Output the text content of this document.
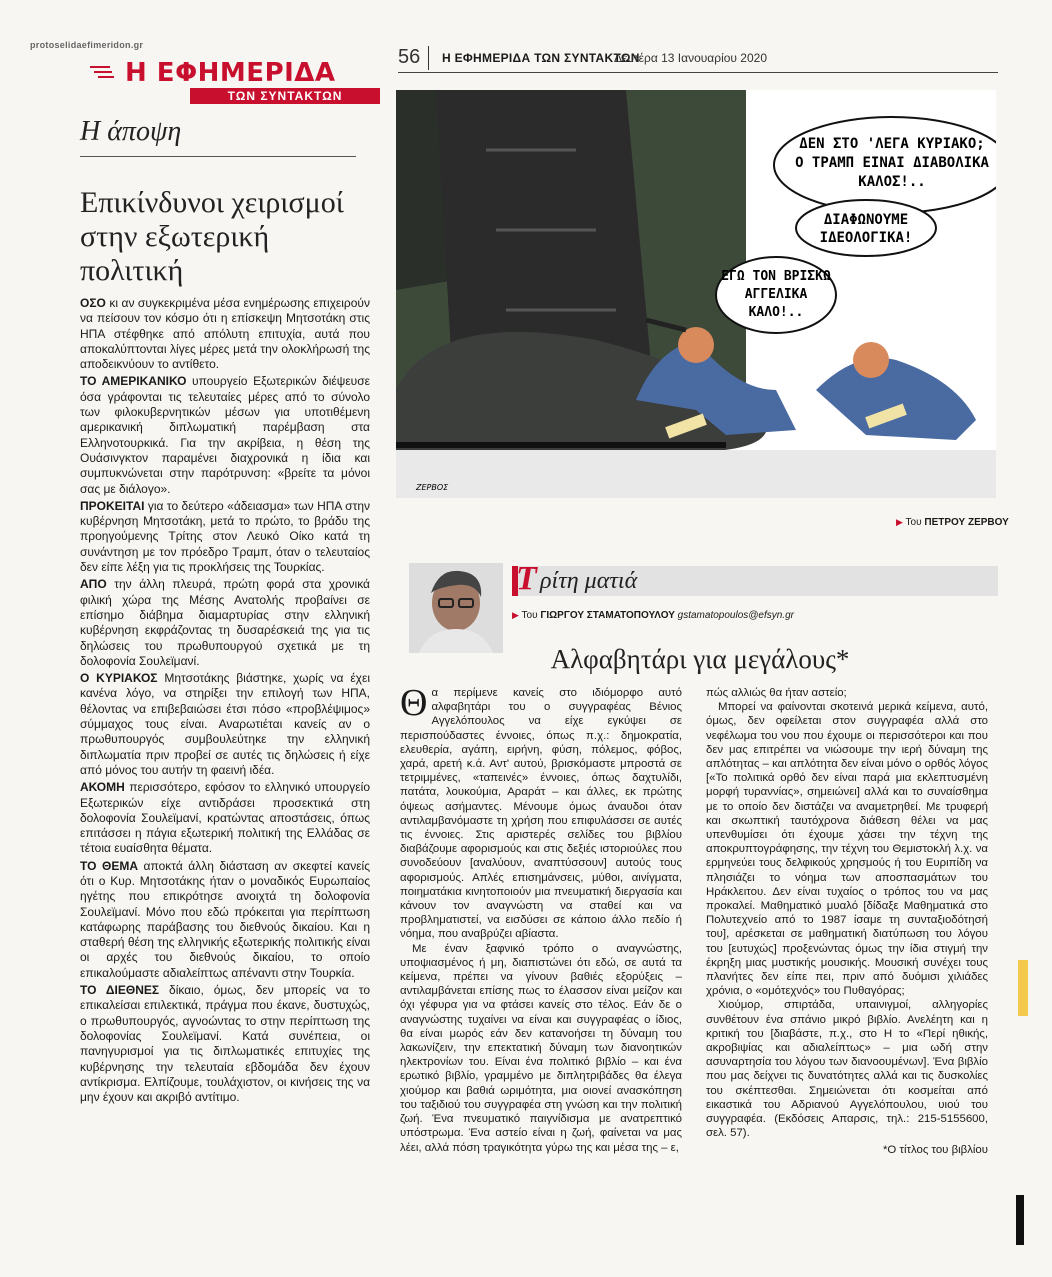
protoselidaefimeridon.gr
Η ΕΦΗΜΕΡΙΔΑ
ΤΩΝ ΣΥΝΤΑΚΤΩΝ
Η άποψη
Επικίνδυνοι χειρισμοί στην εξωτερική πολιτική

ΟΣΟ κι αν συγκεκριμένα μέσα ενημέρωσης επιχειρούν να πείσουν τον κόσμο ότι η επίσκεψη Μητσοτάκη στις ΗΠΑ στέφθηκε από απόλυτη επιτυχία, αυτά που αποκαλύπτονται λίγες μέρες μετά την ολοκλήρωσή της αποδεικνύουν το αντίθετο.

ΤΟ ΑΜΕΡΙΚΑΝΙΚΟ υπουργείο Εξωτερικών διέψευσε όσα γράφονται τις τελευταίες μέρες από το σύνολο των φιλοκυβερνητικών μέσων για υποτιθέμενη αμερικανική διπλωματική παρέμβαση στα Ελληνοτουρκικά. Για την ακρίβεια, η θέση της Ουάσινγκτον παραμένει διαχρονικά η ίδια και συμπυκνώνεται στην παρότρυνση: «βρείτε τα μόνοι σας με διάλογο».

ΠΡΟΚΕΙΤΑΙ για το δεύτερο «άδειασμα» των ΗΠΑ στην κυβέρνηση Μητσοτάκη, μετά το πρώτο, το βράδυ της προηγούμενης Τρίτης στον Λευκό Οίκο κατά τη συνάντηση με τον πρόεδρο Τραμπ, όταν ο τελευταίος δεν είπε λέξη για τις προκλήσεις της Τουρκίας.

ΑΠΟ την άλλη πλευρά, πρώτη φορά στα χρονικά φιλική χώρα της Μέσης Ανατολής προβαίνει σε επίσημο διάβημα διαμαρτυρίας στην ελληνική κυβέρνηση εκφράζοντας τη δυσαρέσκειά της για τις δηλώσεις του πρωθυπουργού σχετικά με τη δολοφονία Σουλεϊμανί.

Ο ΚΥΡΙΑΚΟΣ Μητσοτάκης βιάστηκε, χωρίς να έχει κανένα λόγο, να στηρίξει την επιλογή των ΗΠΑ, θέλοντας να επιβεβαιώσει έτσι πόσο «προβλέψιμος» σύμμαχος τους είναι. Αναρωτιέται κανείς αν ο πρωθυπουργός συμβουλεύτηκε την ελληνική διπλωματία πριν προβεί σε αυτές τις δηλώσεις ή είχε από μόνος του αυτήν τη φαεινή ιδέα.

ΑΚΟΜΗ περισσότερο, εφόσον το ελληνικό υπουργείο Εξωτερικών είχε αντιδράσει προσεκτικά στη δολοφονία Σουλεϊμανί, κρατώντας αποστάσεις, όπως επιτάσσει η πάγια εξωτερική πολιτική της Ελλάδας σε τέτοια ευαίσθητα θέματα.

ΤΟ ΘΕΜΑ αποκτά άλλη διάσταση αν σκεφτεί κανείς ότι ο Κυρ. Μητσοτάκης ήταν ο μοναδικός Ευρωπαίος ηγέτης που επικρότησε ανοιχτά τη δολοφονία Σουλεϊμανί. Μόνο που εδώ πρόκειται για περίπτωση κατάφωρης παράβασης του διεθνούς δικαίου. Και η σταθερή θέση της ελληνικής εξωτερικής πολιτικής είναι οι αρχές του διεθνούς δικαίου, το οποίο επικαλούμαστε αδιαλείπτως απέναντι στην Τουρκία.

ΤΟ ΔΙΕΘΝΕΣ δίκαιο, όμως, δεν μπορείς να το επικαλείσαι επιλεκτικά, πράγμα που έκανε, δυστυχώς, ο πρωθυπουργός, αγνοώντας το στην περίπτωση της δολοφονίας Σουλεϊμανί. Κατά συνέπεια, οι πανηγυρισμοί για τις διπλωματικές επιτυχίες της κυβέρνησης την τελευταία εβδομάδα δεν έχουν αντίκρισμα. Ελπίζουμε, τουλάχιστον, οι κινήσεις της να μην έχουν και ακριβό αντίτιμο.

56 Η ΕΦΗΜΕΡΙΔΑ ΤΩΝ ΣΥΝΤΑΚΤΩΝ
Δευτέρα 13 Ιανουαρίου 2020
ΔΕΝ ΣΤΟ 'ΛΕΓΑ ΚΥΡΙΑΚΟ;
Ο ΤΡΑΜΠ ΕΙΝΑΙ ΔΙΑΒΟΛΙΚΑ
ΚΑΛΟΣ!..
ΔΙΑΦΩΝΟΥΜΕ
ΙΔΕΟΛΟΓΙΚΑ!
ΕΓΩ ΤΟΝ ΒΡΙΣΚΩ
ΑΓΓΕΛΙΚΑ
ΚΑΛΟ!..
ΖΕΡΒΟΣ
▶ Του ΠΕΤΡΟΥ ΖΕΡΒΟΥ
Τ ρίτη ματιά
▶ Του ΓΙΩΡΓΟΥ ΣΤΑΜΑΤΟΠΟΥΛΟΥ gstamatopoulos@efsyn.gr
Αλφαβητάρι για μεγάλους*

Θα περίμενε κανείς στο ιδιόμορφο αυτό αλφαβητάρι του ο συγγραφέας Βένιος Αγγελόπουλος να είχε εγκύψει σε περισπούδαστες έννοιες, όπως π.χ.: δημοκρατία, ελευθερία, αγάπη, ειρήνη, φύση, πόλεμος, φόβος, χαρά, αρετή κ.ά. Αντ' αυτού, βρισκόμαστε μπροστά σε τετριμμένες, «ταπεινές» έννοιες, όπως δαχτυλίδι, πατάτα, λουκούμια, Αραράτ – και άλλες, εκ πρώτης όψεως ασήμαντες. Μένουμε όμως άναυδοι όταν αντιλαμβανόμαστε τη χρήση που επιφυλάσσει σε αυτές τις έννοιες. Στις αριστερές σελίδες του βιβλίου διαβάζουμε αφορισμούς και στις δεξιές ιστοριούλες που συνοδεύουν [αναλύουν, αναπτύσσουν] αυτούς τους αφορισμούς. Απλές επισημάνσεις, μύθοι, αινίγματα, ποιηματάκια κινητοποιούν μια πνευματική διεργασία και κάνουν τον αναγνώστη να σταθεί και να προβληματιστεί, να εισδύσει σε κάποιο άλλο πεδίο ή νόημα, που αναβρύζει αβίαστα.

Με έναν ξαφνικό τρόπο ο αναγνώστης, υποψιασμένος ή μη, διαπιστώνει ότι εδώ, σε αυτά τα κείμενα, πρέπει να γίνουν βαθιές εξορύξεις – αντιλαμβάνεται επίσης πως το έλασσον είναι μείζον και όχι γέφυρα για να φτάσει κανείς στο τέλος. Εάν δε ο αναγνώστης τυχαίνει να είναι και συγγραφέας ο ίδιος, θα είναι μωρός εάν δεν κατανοήσει τη δύναμη του λακωνίζειν, την επεκτατική δύναμη των διανοητικών ηλεκτρονίων του. Είναι ένα πολιτικό βιβλίο – και ένα ερωτικό βιβλίο, γραμμένο με διπλητριβάδες θα έλεγα χιούμορ και βαθιά ωριμότητα, μια οιονεί ανασκόπηση του ταξιδιού του συγγραφέα στη γνώση και την πολιτική ζωή. Ένα πνευματικό παιγνίδισμα με ανατρεπτικό υπόστρωμα. Ένα αστείο είναι η ζωή, φαίνεται να μας λέει, αλλά πόση τραγικότητα γύρω της και μέσα της – ε,

πώς αλλιώς θα ήταν αστείο;

Μπορεί να φαίνονται σκοτεινά μερικά κείμενα, αυτό, όμως, δεν οφείλεται στον συγγραφέα αλλά στο νεφέλωμα του νου που έχουμε οι περισσότεροι και που δεν μας επιτρέπει να νιώσουμε την ιερή δύναμη της απλότητας – και απλότητα δεν είναι μόνο ο ορθός λόγος [«Το πολιτικά ορθό δεν είναι παρά μια εκλεπτυσμένη μορφή τυραννίας», σημειώνει] αλλά και το συναίσθημα με το οποίο δεν διστάζει να αναμετρηθεί. Με τρυφερή και σκωπτική ταυτόχρονα διάθεση θέλει να μας υπενθυμίσει ότι έχουμε χάσει την τέχνη της αποκρυπτογράφησης, την τέχνη του Θεμιστοκλή λ.χ. να ερμηνεύει τους δελφικούς χρησμούς ή του Ευριπίδη να πλησιάζει το νόημα των αποσπασμάτων του Ηράκλειτου. Δεν είναι τυχαίος ο τρόπος του να μας προκαλεί. Μαθηματικό μυαλό [δίδαξε Μαθηματικά στο Πολυτεχνείο από το 1987 ίσαμε τη συνταξιοδότησή του], αρέσκεται σε μαθηματική διατύπωση του λόγου του [ευτυχώς] προξενώντας όμως την ίδια στιγμή την έκρηξη μιας μυστικής μουσικής. Μουσική συνέχει τους πλανήτες δεν είπε πει, πριν από δυόμισι χιλιάδες χρόνια, ο «ομότεχνός» του Πυθαγόρας;

Χιούμορ, σπιρτάδα, υπαινιγμοί, αλληγορίες συνθέτουν ένα σπάνιο μικρό βιβλίο. Ανελέητη και η κριτική του [διαβάστε, π.χ., στο Η το «Περί ηθικής, ακροβιψίας και αδιαλείπτως» – μια ωδή στην ασυναρτησία του λόγου των διανοουμένων]. Ένα βιβλίο που μας δείχνει τις δυνατότητες αλλά και τις δυσκολίες του σκέπτεσθαι. Σημειώνεται ότι κοσμείται από εικαστικά του Αδριανού Αγγελόπουλου, υιού του συγγραφέα. (Εκδόσεις Απαρσις, τηλ.: 215-5155600, σελ. 57).

*Ο τίτλος του βιβλίου
